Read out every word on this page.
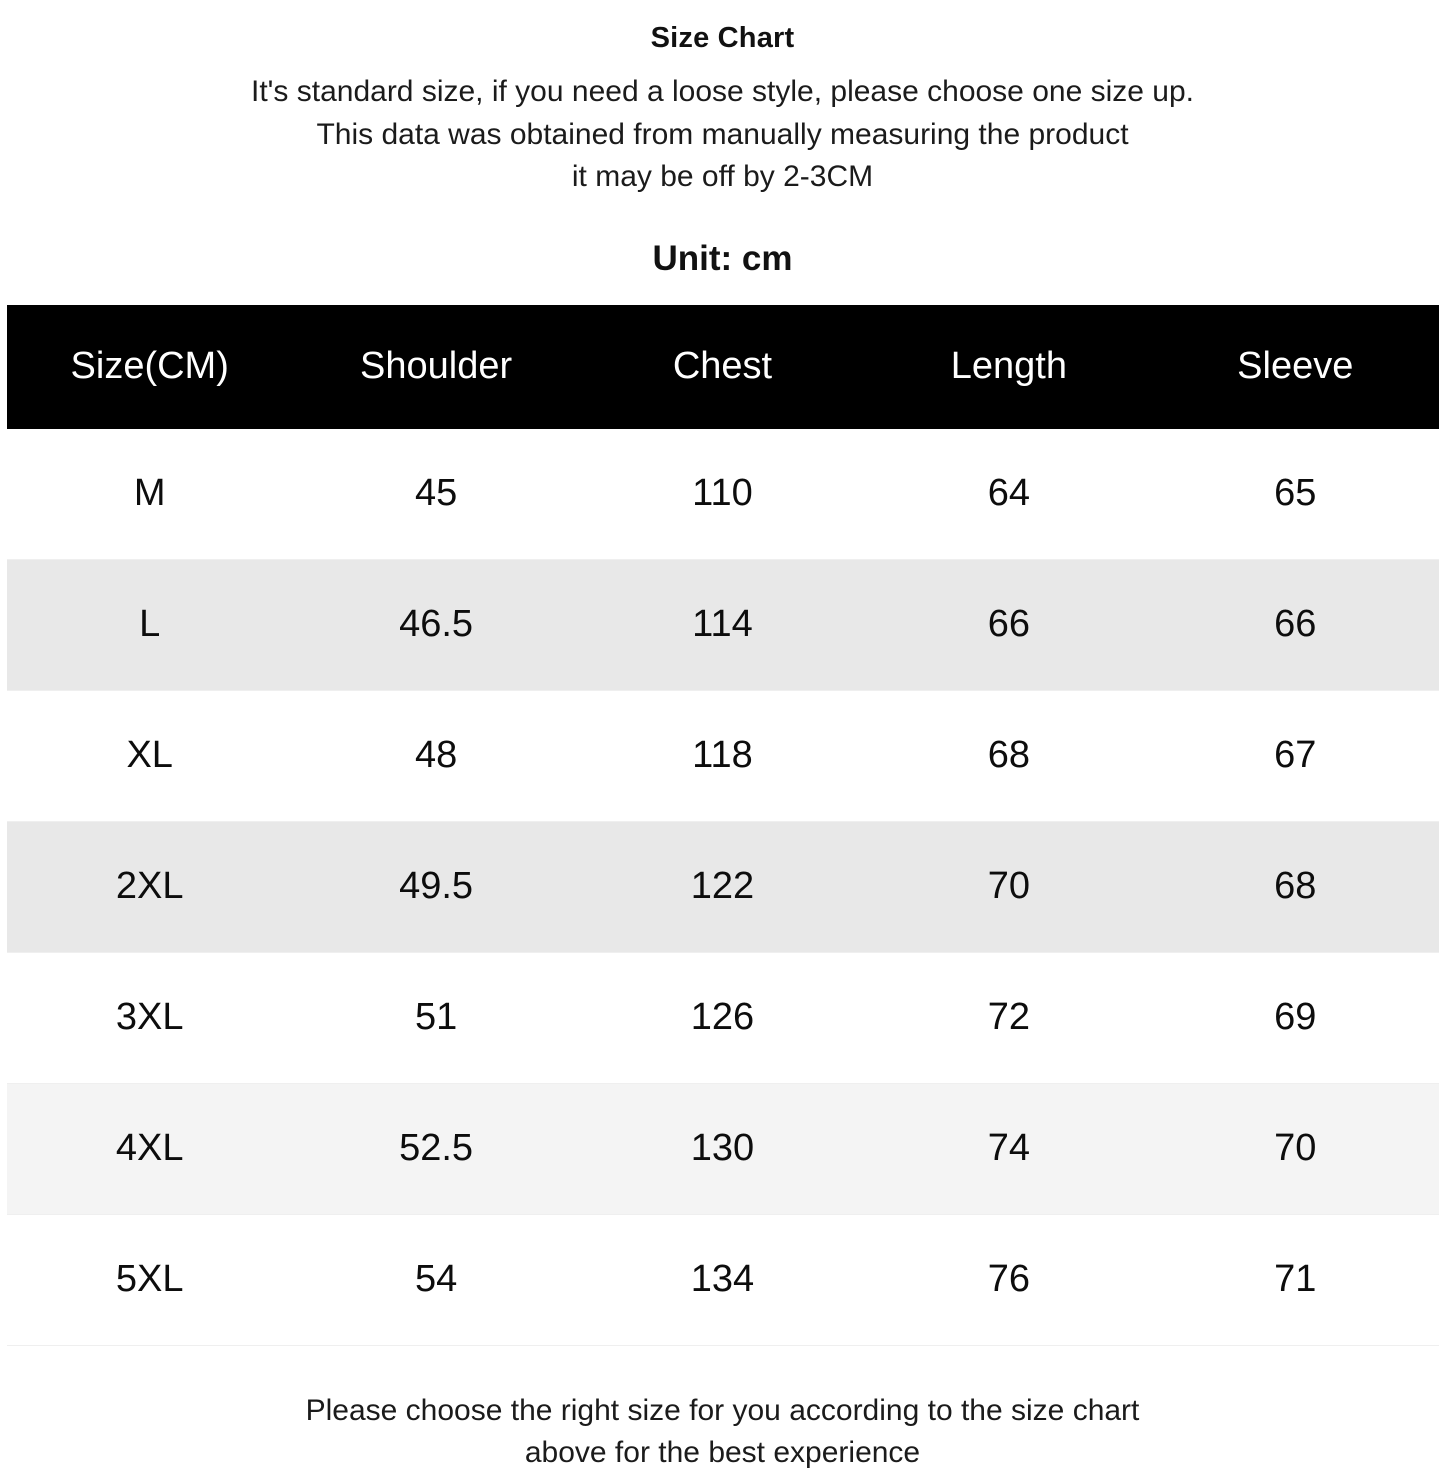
Size Chart
It's standard size, if you need a loose style, please choose one size up.
This data was obtained from manually measuring the product
it may be off by 2-3CM
Unit: cm
Size(CM)	Shoulder	Chest	Length	Sleeve
M	45	110	64	65
L	46.5	114	66	66
XL	48	118	68	67
2XL	49.5	122	70	68
3XL	51	126	72	69
4XL	52.5	130	74	70
5XL	54	134	76	71
Please choose the right size for you according to the size chart
above for the best experience
